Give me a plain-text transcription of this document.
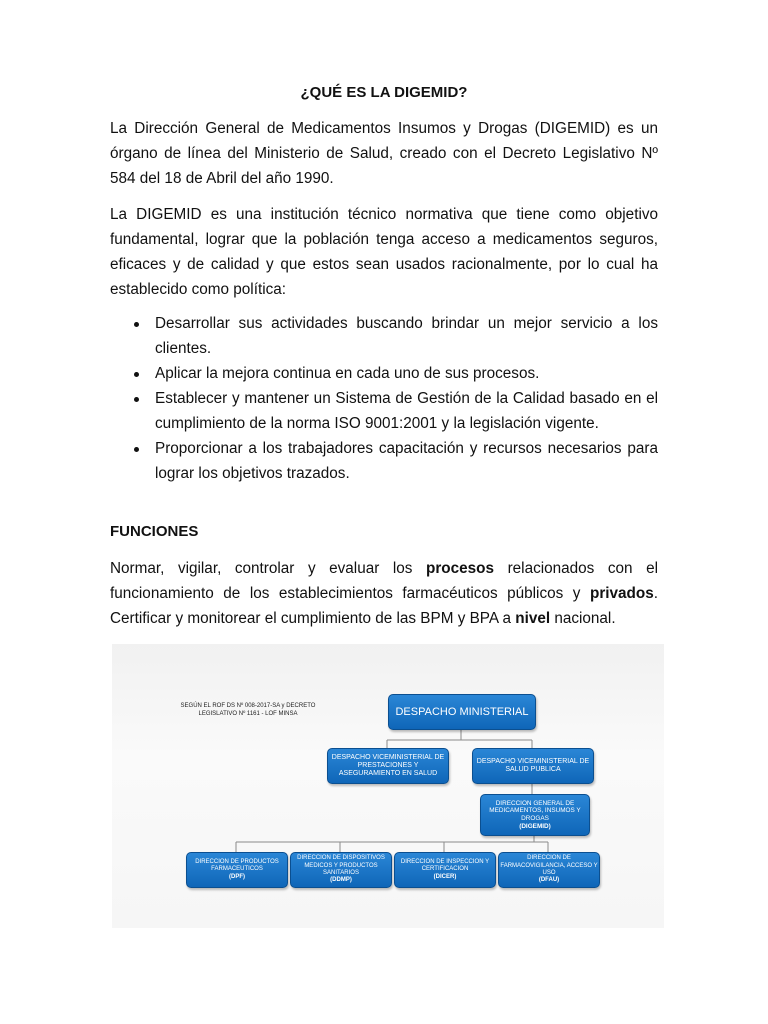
¿QUÉ ES LA DIGEMID?

La Dirección General de Medicamentos Insumos y Drogas (DIGEMID) es un órgano de línea del Ministerio de Salud, creado con el Decreto Legislativo Nº 584 del 18 de Abril del año 1990.

La DIGEMID es una institución técnico normativa que tiene como objetivo fundamental, lograr que la población tenga acceso a medicamentos seguros, eficaces y de calidad y que estos sean usados racionalmente, por lo cual ha establecido como política:

Desarrollar sus actividades buscando brindar un mejor servicio a los clientes.
Aplicar la mejora continua en cada uno de sus procesos.
Establecer y mantener un Sistema de Gestión de la Calidad basado en el cumplimiento de la norma ISO 9001:2001 y la legislación vigente.
Proporcionar a los trabajadores capacitación y recursos necesarios para lograr los objetivos trazados.
FUNCIONES

Normar, vigilar, controlar y evaluar los procesos relacionados con el funcionamiento de los establecimientos farmacéuticos públicos y privados. Certificar y monitorear el cumplimiento de las BPM y BPA a nivel nacional.

SEGÚN EL ROF DS Nº 008-2017-SA y DECRETO LEGISLATIVO Nº 1161 - LOF MINSA	DESPACHO MINISTERIAL
DESPACHO VICEMINISTERIAL DE PRESTACIONES Y ASEGURAMIENTO EN SALUD
DESPACHO VICEMINISTERIAL DE SALUD PUBLICA
DIRECCION GENERAL DE MEDICAMENTOS, INSUMOS Y DROGAS
(DIGEMID)
DIRECCION DE PRODUCTOS FARMACEUTICOS
(DPF)
DIRECCION DE DISPOSITIVOS MEDICOS Y PRODUCTOS SANITARIOS
(DDMP)
DIRECCION DE INSPECCION Y CERTIFICACION
(DICER)
DIRECCION DE FARMACOVIGILANCIA, ACCESO Y USO
(DFAU)
